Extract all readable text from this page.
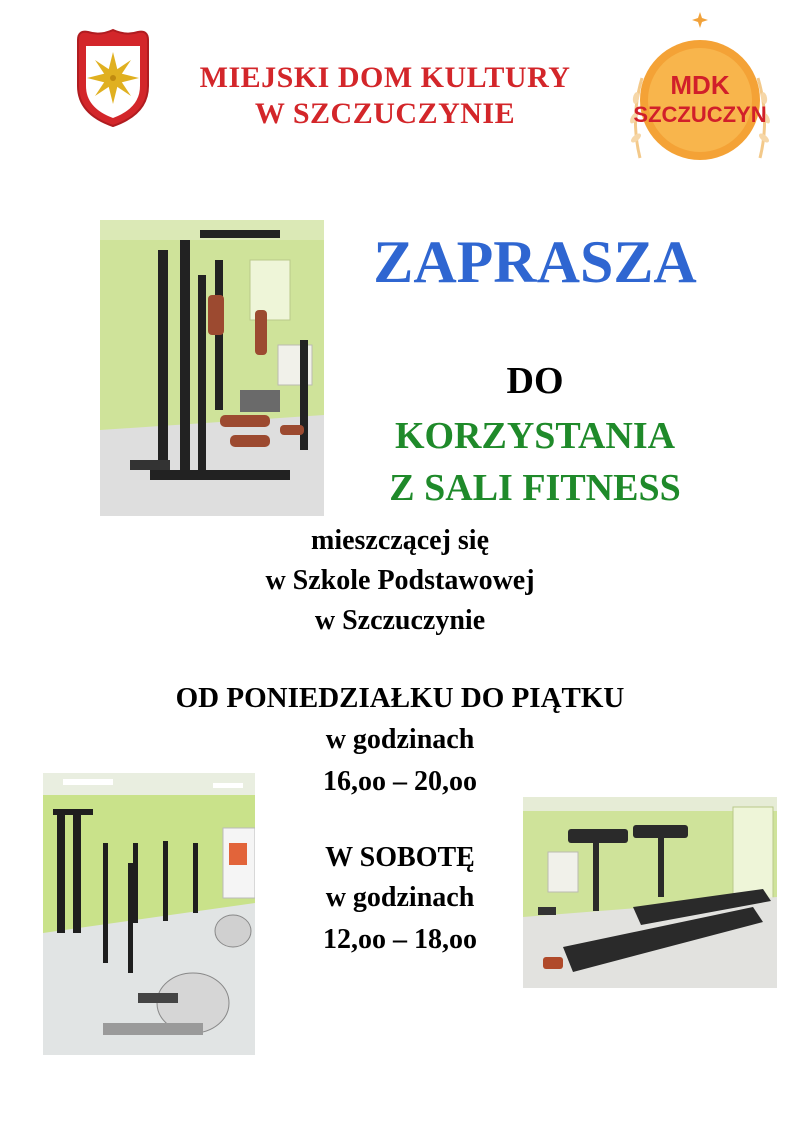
MIEJSKI DOM KULTURY
W SZCZUCZYNIE
MDK
SZCZUCZYN
ZAPRASZA
DO
KORZYSTANIA
Z SALI FITNESS
mieszczącej się
w Szkole Podstawowej
w Szczuczynie
OD PONIEDZIAŁKU DO PIĄTKU
w godzinach
16,oo – 20,oo
W SOBOTĘ
w godzinach
12,oo – 18,oo
